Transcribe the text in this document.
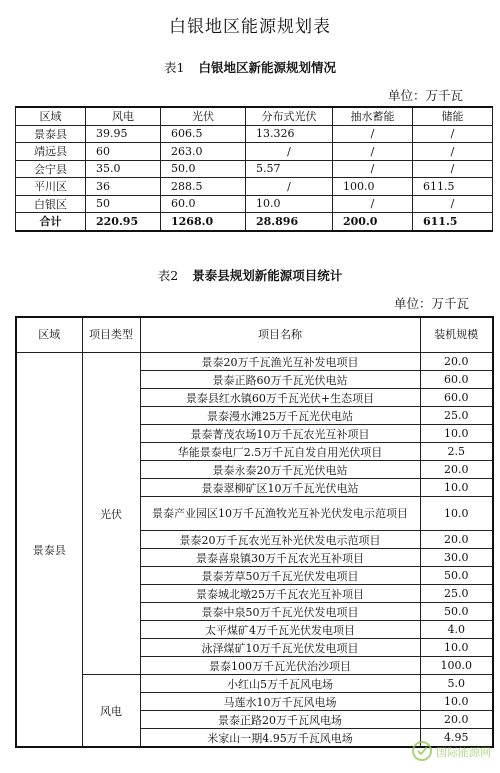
白银地区能源规划表
表1 白银地区新能源规划情况
单位：万千瓦
区域	风电	光伏	分布式光伏	抽水蓄能	储能
景泰县	39.95	606.5	13.326	/	/
靖远县	60	263.0	/	/	/
会宁县	35.0	50.0	5.57	/	/
平川区	36	288.5	/	100.0	611.5
白银区	50	60.0	10.0	/	/
合计	220.95	1268.0	28.896	200.0	611.5
表2 景泰县规划新能源项目统计
单位：万千瓦
区域	项目类型	项目名称	装机规模
景泰县	光伏	景泰20万千瓦渔光互补发电项目	20.0
		景泰正路60万千瓦光伏电站	60.0
		景泰县红水镇60万千瓦光伏+生态项目	60.0
		景泰漫水滩25万千瓦光伏电站	25.0
		景泰菁茂农场10万千瓦农光互补项目	10.0
		华能景泰电厂2.5万千瓦自发自用光伏项目	2.5
		景泰永泰20万千瓦光伏电站	20.0
		景泰翠柳矿区10万千瓦光伏电站	10.0
		景泰产业园区10万千瓦渔牧光互补光伏发电示范项目	10.0
		景泰20万千瓦农光互补光伏发电示范项目	20.0
		景泰喜泉镇30万千瓦农光互补项目	30.0
		景泰芳草50万千瓦光伏发电项目	50.0
		景泰城北墩25万千瓦农光互补项目	25.0
		景泰中泉50万千瓦光伏发电项目	50.0
		太平煤矿4万千瓦光伏发电项目	4.0
		泳泽煤矿10万千瓦光伏发电项目	10.0
		景泰100万千瓦光伏治沙项目	100.0
	风电	小红山5万千瓦风电场	5.0
		马莲水10万千瓦风电场	10.0
		景泰正路20万千瓦风电场	20.0
		米家山一期4.95万千瓦风电场	4.95
国际能源网
